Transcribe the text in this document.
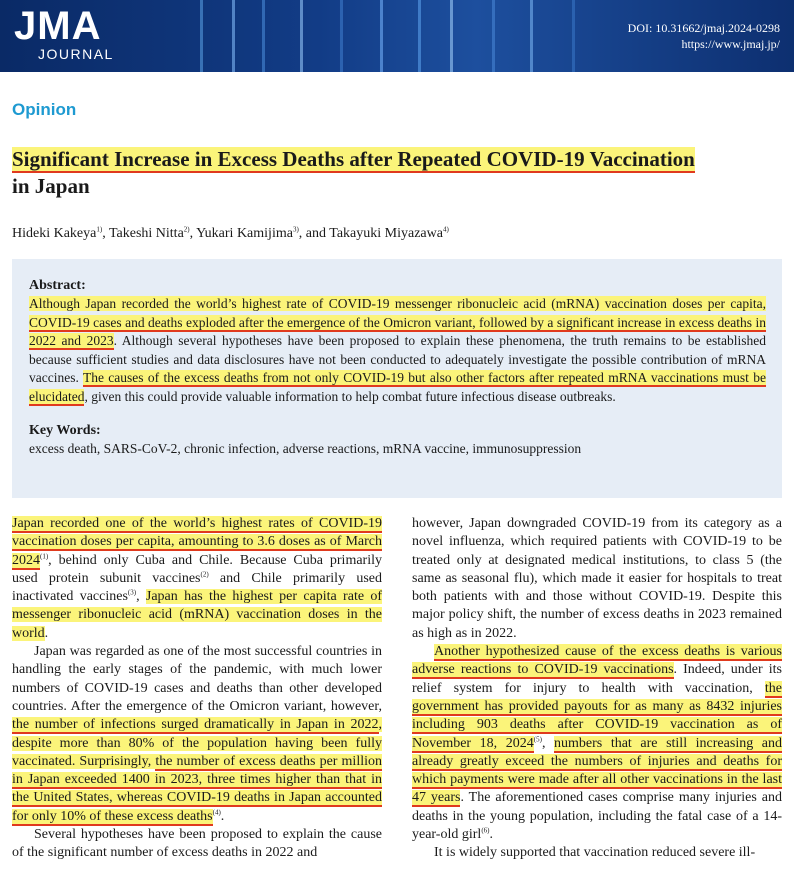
JMA
JOURNAL
DOI: 10.31662/jmaj.2024-0298
https://www.jmaj.jp/
Opinion
Significant Increase in Excess Deaths after Repeated COVID-19 Vaccination
in Japan
Hideki Kakeya$^{1)}$, Takeshi Nitta$^{2)}$, Yukari Kamijima$^{3)}$, and Takayuki Miyazawa$^{4)}$
Abstract:
Although Japan recorded the world’s highest rate of COVID-19 messenger ribonucleic acid (mRNA) vaccination doses per capita, COVID-19 cases and deaths exploded after the emergence of the Omicron variant, followed by a significant increase in excess deaths in 2022 and 2023. Although several hypotheses have been proposed to explain these phenomena, the truth remains to be established because sufficient studies and data disclosures have not been conducted to adequately investigate the possible contribution of mRNA vaccines. The causes of the excess deaths from not only COVID-19 but also other factors after repeated mRNA vaccinations must be elucidated, given this could provide valuable information to help combat future infectious disease outbreaks.
Key Words:
excess death, SARS-CoV-2, chronic infection, adverse reactions, mRNA vaccine, immunosuppression

Japan recorded one of the world’s highest rates of COVID-19 vaccination doses per capita, amounting to 3.6 doses as of March 2024$^{(1)}$, behind only Cuba and Chile. Because Cuba primarily used protein subunit vaccines$^{(2)}$ and Chile primarily used inactivated vaccines$^{(3)}$, Japan has the highest per capita rate of messenger ribonucleic acid (mRNA) vaccination doses in the world.

Japan was regarded as one of the most successful countries in handling the early stages of the pandemic, with much lower numbers of COVID-19 cases and deaths than other developed countries. After the emergence of the Omicron variant, however, the number of infections surged dramatically in Japan in 2022, despite more than 80% of the population having been fully vaccinated. Surprisingly, the number of excess deaths per million in Japan exceeded 1400 in 2023, three times higher than that in the United States, whereas COVID-19 deaths in Japan accounted for only 10% of these excess deaths$^{(4)}$.

Several hypotheses have been proposed to explain the cause of the significant number of excess deaths in 2022 and

however, Japan downgraded COVID-19 from its category as a novel influenza, which required patients with COVID-19 to be treated only at designated medical institutions, to class 5 (the same as seasonal flu), which made it easier for hospitals to treat both patients with and those without COVID-19. Despite this major policy shift, the number of excess deaths in 2023 remained as high as in 2022.

Another hypothesized cause of the excess deaths is various adverse reactions to COVID-19 vaccinations. Indeed, under its relief system for injury to health with vaccination, the government has provided payouts for as many as 8432 injuries including 903 deaths after COVID-19 vaccination as of November 18, 2024$^{(5)}$, numbers that are still increasing and already greatly exceed the numbers of injuries and deaths for which payments were made after all other vaccinations in the last 47 years. The aforementioned cases comprise many injuries and deaths in the young population, including the fatal case of a 14-year-old girl$^{(6)}$.

It is widely supported that vaccination reduced severe ill-
